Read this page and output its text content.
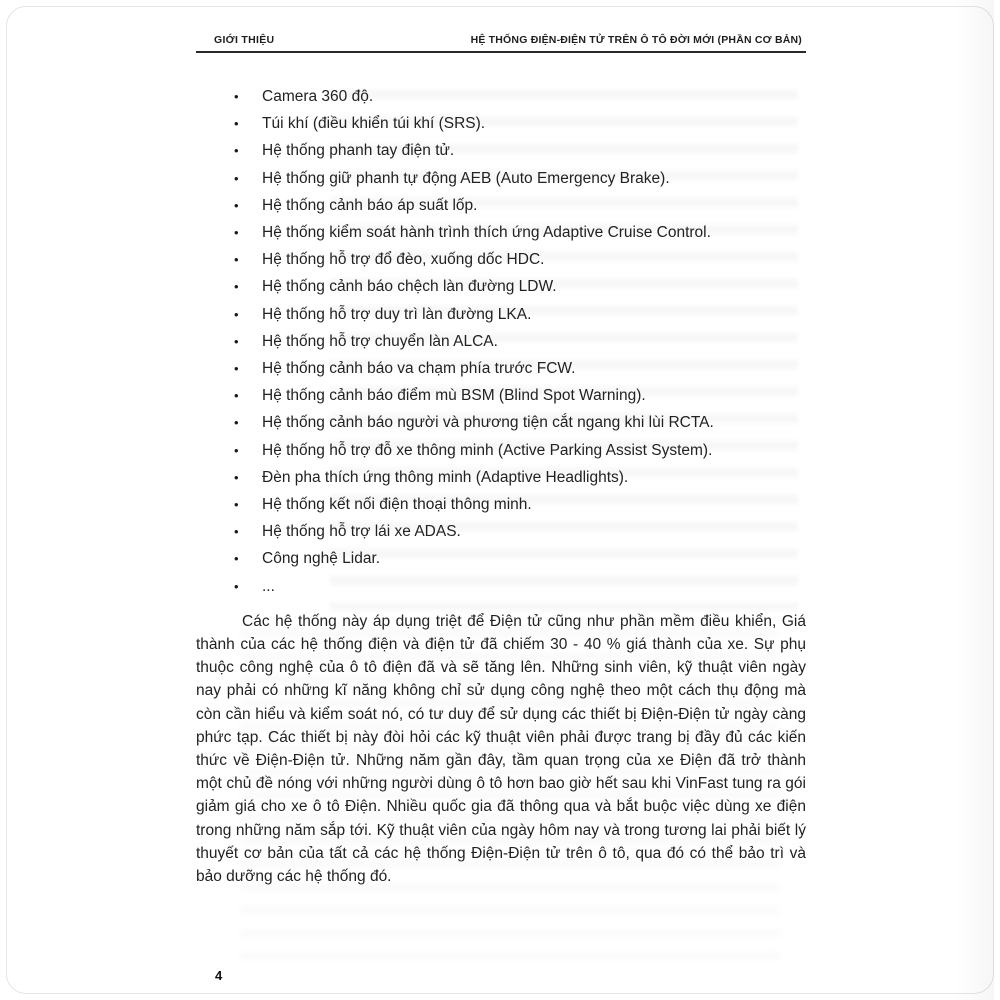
GIỚI THIỆU	HỆ THỐNG ĐIỆN-ĐIỆN TỬ TRÊN Ô TÔ ĐỜI MỚI (PHẦN CƠ BẢN)
•	Camera 360 độ.
•	Túi khí (điều khiển túi khí (SRS).
•	Hệ thống phanh tay điện tử.
•	Hệ thống giữ phanh tự động AEB (Auto Emergency Brake).
•	Hệ thống cảnh báo áp suất lốp.
•	Hệ thống kiểm soát hành trình thích ứng Adaptive Cruise Control.
•	Hệ thống hỗ trợ đổ đèo, xuống dốc HDC.
•	Hệ thống cảnh báo chệch làn đường LDW.
•	Hệ thống hỗ trợ duy trì làn đường LKA.
•	Hệ thống hỗ trợ chuyển làn ALCA.
•	Hệ thống cảnh báo va chạm phía trước FCW.
•	Hệ thống cảnh báo điểm mù BSM (Blind Spot Warning).
•	Hệ thống cảnh báo người và phương tiện cắt ngang khi lùi RCTA.
•	Hệ thống hỗ trợ đỗ xe thông minh (Active Parking Assist System).
•	Đèn pha thích ứng thông minh (Adaptive Headlights).
•	Hệ thống kết nối điện thoại thông minh.
•	Hệ thống hỗ trợ lái xe ADAS.
•	Công nghệ Lidar.
•	...

Các hệ thống này áp dụng triệt để Điện tử cũng như phần mềm điều khiển, Giá thành của các hệ thống điện và điện tử đã chiếm 30 - 40 % giá thành của xe. Sự phụ thuộc công nghệ của ô tô điện đã và sẽ tăng lên. Những sinh viên, kỹ thuật viên ngày nay phải có những kĩ năng không chỉ sử dụng công nghệ theo một cách thụ động mà còn cần hiểu và kiểm soát nó, có tư duy để sử dụng các thiết bị Điện-Điện tử ngày càng phức tạp. Các thiết bị này đòi hỏi các kỹ thuật viên phải được trang bị đầy đủ các kiến thức về Điện-Điện tử. Những năm gần đây, tầm quan trọng của xe Điện đã trở thành một chủ đề nóng với những người dùng ô tô hơn bao giờ hết sau khi VinFast tung ra gói giảm giá cho xe ô tô Điện. Nhiều quốc gia đã thông qua và bắt buộc việc dùng xe điện trong những năm sắp tới. Kỹ thuật viên của ngày hôm nay và trong tương lai phải biết lý thuyết cơ bản của tất cả các hệ thống Điện-Điện tử trên ô tô, qua đó có thể bảo trì và bảo dưỡng các hệ thống đó.

4
